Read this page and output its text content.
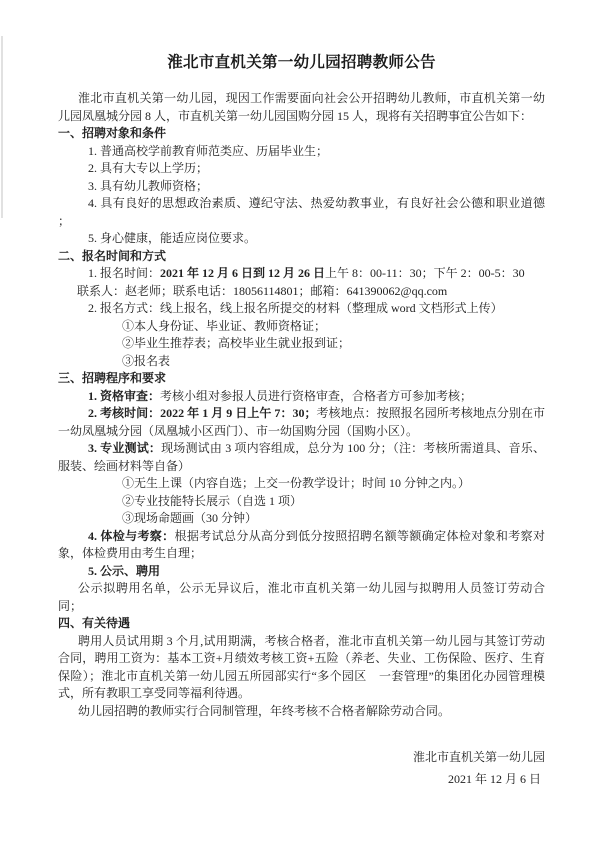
淮北市直机关第一幼儿园招聘教师公告

淮北市直机关第一幼儿园，现因工作需要面向社会公开招聘幼儿教师，市直机关第一幼儿园凤凰城分园 8 人，市直机关第一幼儿园国购分园 15 人，现将有关招聘事宜公告如下：

一、招聘对象和条件

1. 普通高校学前教育师范类应、历届毕业生；

2. 具有大专以上学历；

3. 具有幼儿教师资格；

4. 具有良好的思想政治素质、遵纪守法、热爱幼教事业，有良好社会公德和职业道德 ；

5. 身心健康，能适应岗位要求。

二、报名时间和方式

1. 报名时间：2021 年 12 月 6 日到 12 月 26 日上午 8：00-11：30；下午 2：00-5：30

联系人：赵老师；联系电话：18056114801；邮箱：641390062@qq.com

2. 报名方式：线上报名，线上报名所提交的材料（整理成 word 文档形式上传）

①本人身份证、毕业证、教师资格证；

②毕业生推荐表；高校毕业生就业报到证；

③报名表

三、招聘程序和要求

1. 资格审查：考核小组对参报人员进行资格审查，合格者方可参加考核；

2. 考核时间：2022 年 1 月 9 日上午 7：30；考核地点：按照报名园所考核地点分别在市一幼凤凰城分园（凤凰城小区西门）、市一幼国购分园（国购小区）。

3. 专业测试：现场测试由 3 项内容组成，总分为 100 分；（注：考核所需道具、音乐、服装、绘画材料等自备）

①无生上课（内容自选；上交一份教学设计；时间 10 分钟之内。）

②专业技能特长展示（自选 1 项）

③现场命题画（30 分钟）

4. 体检与考察：根据考试总分从高分到低分按照招聘名额等额确定体检对象和考察对象，体检费用由考生自理；

5. 公示、聘用

公示拟聘用名单，公示无异议后，淮北市直机关第一幼儿园与拟聘用人员签订劳动合同；

四、有关待遇

聘用人员试用期 3 个月,试用期满，考核合格者，淮北市直机关第一幼儿园与其签订劳动合同，聘用工资为：基本工资+月绩效考核工资+五险（养老、失业、工伤保险、医疗、生育保险）；淮北市直机关第一幼儿园五所园部实行“多个园区　一套管理”的集团化办园管理模式，所有教职工享受同等福利待遇。

幼儿园招聘的教师实行合同制管理，年终考核不合格者解除劳动合同。

淮北市直机关第一幼儿园
2021 年 12 月 6 日
